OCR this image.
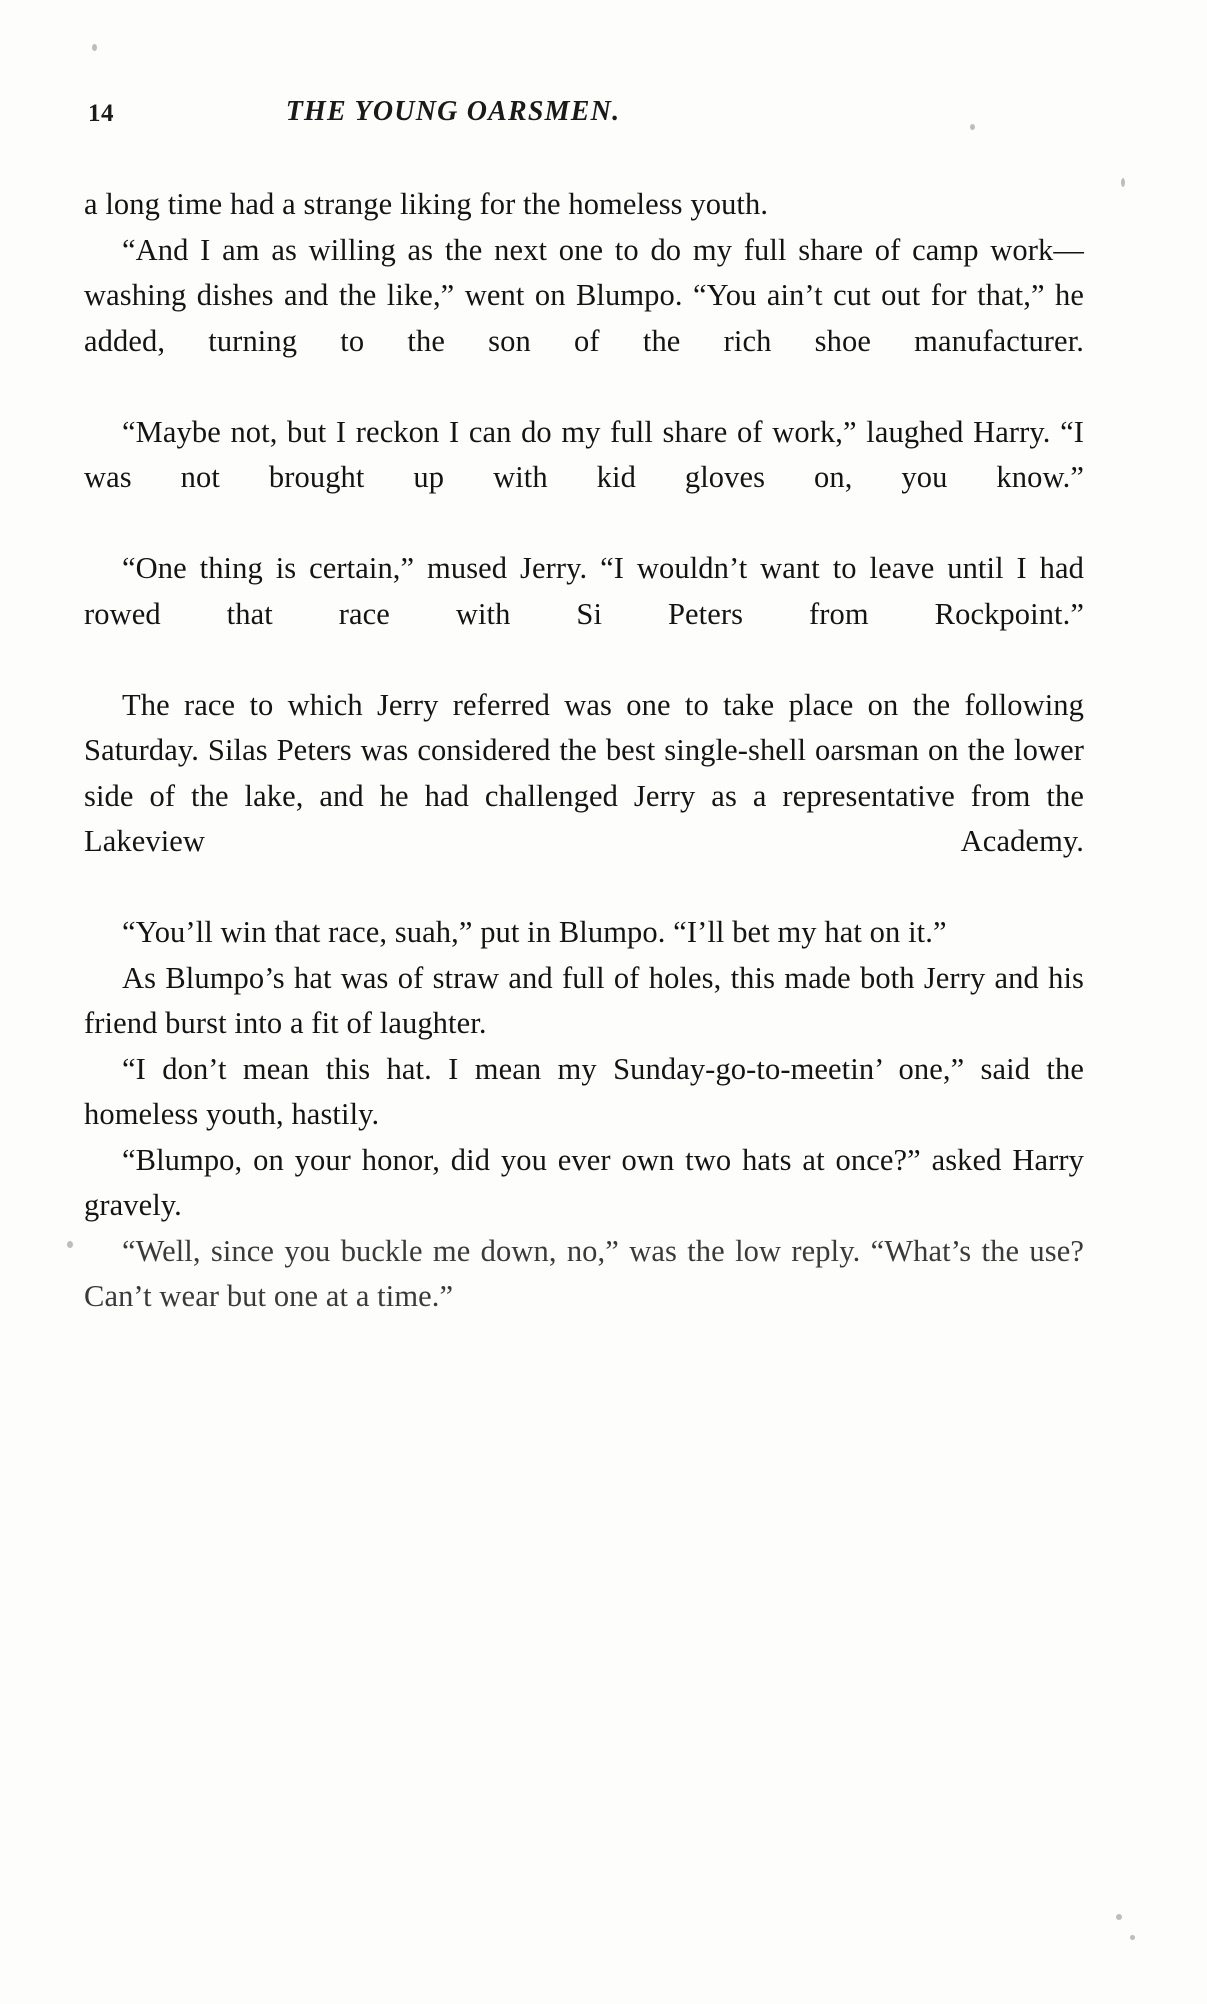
14	THE YOUNG OARSMEN.

a long time had a strange liking for the homeless youth.

“And I am as willing as the next one to do my full share of camp work—washing dishes and the like,” went on Blumpo. “You ain’t cut out for that,” he added, turning to the son of the rich shoe manufacturer.

“Maybe not, but I reckon I can do my full share of work,” laughed Harry. “I was not brought up with kid gloves on, you know.”

“One thing is certain,” mused Jerry. “I wouldn’t want to leave until I had rowed that race with Si Peters from Rockpoint.”

The race to which Jerry referred was one to take place on the following Saturday. Silas Peters was considered the best single-shell oarsman on the lower side of the lake, and he had challenged Jerry as a representative from the Lakeview Academy.

“You’ll win that race, suah,” put in Blumpo. “I’ll bet my hat on it.”

As Blumpo’s hat was of straw and full of holes, this made both Jerry and his friend burst into a fit of laughter.

“I don’t mean this hat. I mean my Sunday-go-to-meetin’ one,” said the homeless youth, hastily.

“Blumpo, on your honor, did you ever own two hats at once?” asked Harry gravely.

“Well, since you buckle me down, no,” was the low reply. “What’s the use? Can’t wear but one at a time.”
